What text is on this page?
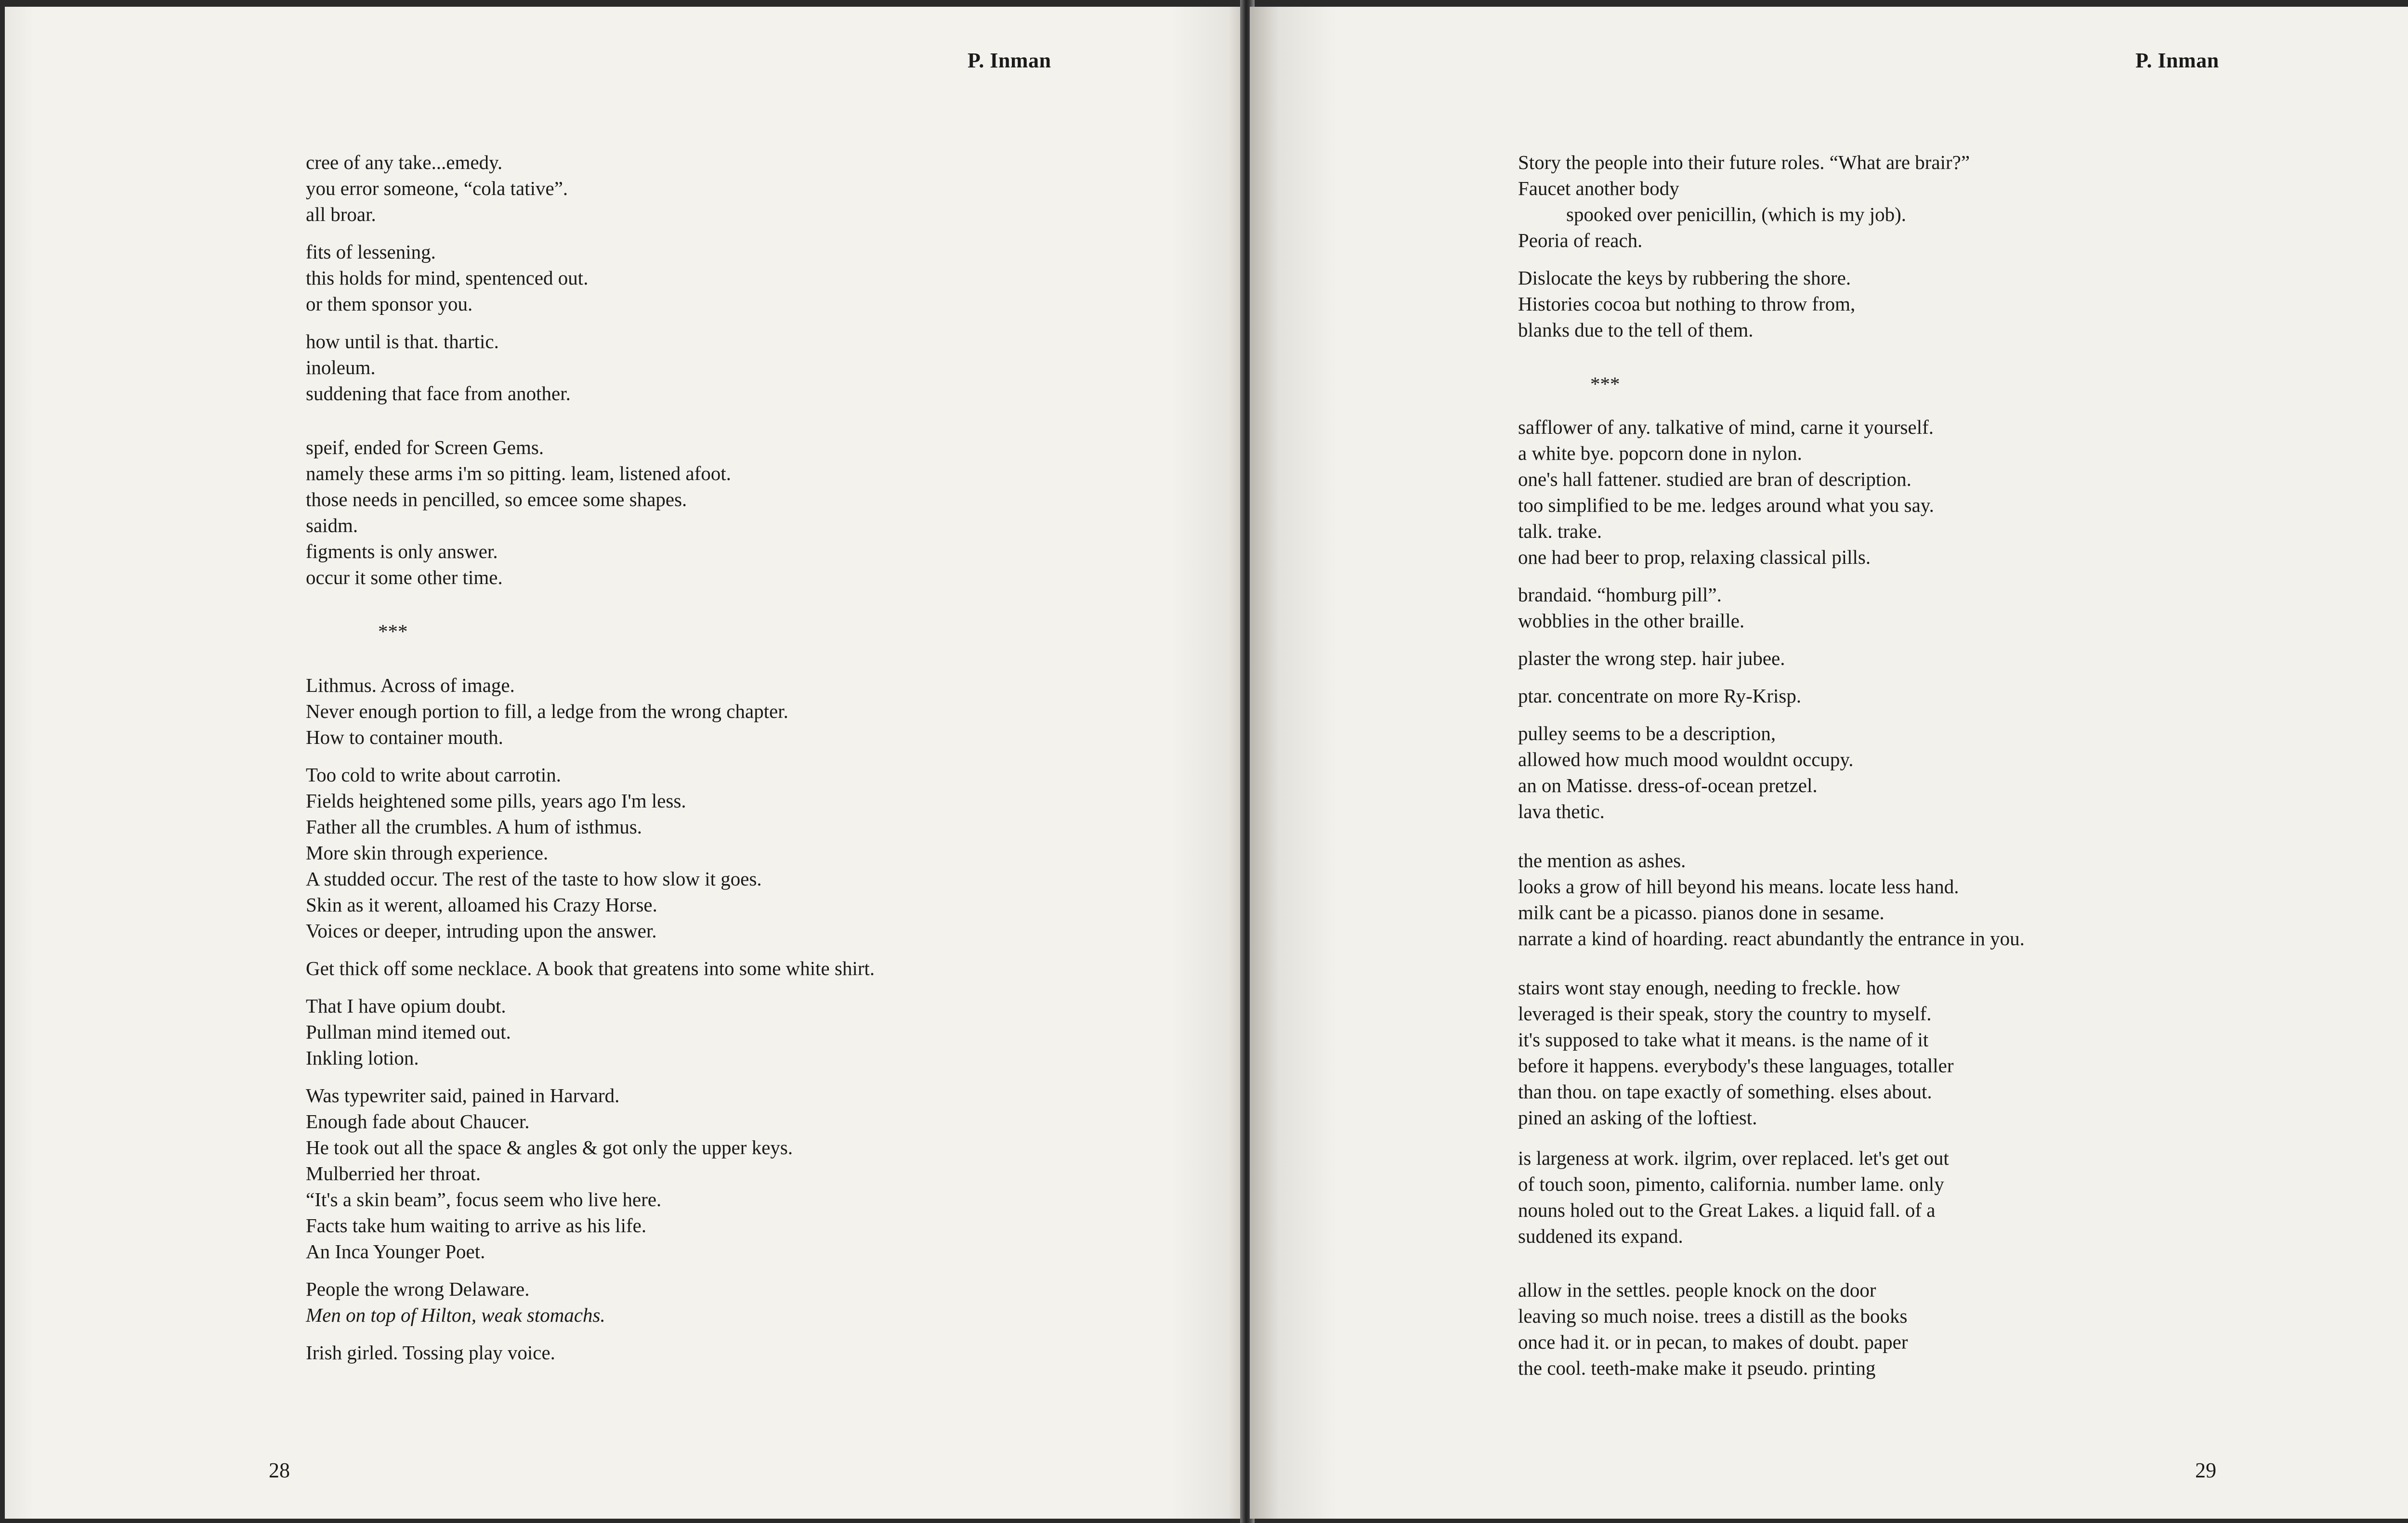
P. Inman
cree of any take...emedy.
you error someone, “cola tative”.
all broar.
fits of lessening.
this holds for mind, spentenced out.
or them sponsor you.
how until is that. thartic.
inoleum.
suddening that face from another.
speif, ended for Screen Gems.
namely these arms i'm so pitting. leam, listened afoot.
those needs in pencilled, so emcee some shapes.
saidm.
figments is only answer.
occur it some other time.
***
Lithmus. Across of image.
Never enough portion to fill, a ledge from the wrong chapter.
How to container mouth.
Too cold to write about carrotin.
Fields heightened some pills, years ago I'm less.
Father all the crumbles. A hum of isthmus.
More skin through experience.
A studded occur. The rest of the taste to how slow it goes.
Skin as it werent, alloamed his Crazy Horse.
Voices or deeper, intruding upon the answer.
Get thick off some necklace. A book that greatens into some white shirt.
That I have opium doubt.
Pullman mind itemed out.
Inkling lotion.
Was typewriter said, pained in Harvard.
Enough fade about Chaucer.
He took out all the space & angles & got only the upper keys.
Mulberried her throat.
“It's a skin beam”, focus seem who live here.
Facts take hum waiting to arrive as his life.
An Inca Younger Poet.
People the wrong Delaware.
Men on top of Hilton, weak stomachs.
Irish girled. Tossing play voice.
28
P. Inman
Story the people into their future roles. “What are brair?”
Faucet another body
spooked over penicillin, (which is my job).
Peoria of reach.
Dislocate the keys by rubbering the shore.
Histories cocoa but nothing to throw from,
blanks due to the tell of them.
***
safflower of any. talkative of mind, carne it yourself.
a white bye. popcorn done in nylon.
one's hall fattener. studied are bran of description.
too simplified to be me. ledges around what you say.
talk. trake.
one had beer to prop, relaxing classical pills.
brandaid. “homburg pill”.
wobblies in the other braille.
plaster the wrong step. hair jubee.
ptar. concentrate on more Ry-Krisp.
pulley seems to be a description,
allowed how much mood wouldnt occupy.
an on Matisse. dress-of-ocean pretzel.
lava thetic.
the mention as ashes.
looks a grow of hill beyond his means. locate less hand.
milk cant be a picasso. pianos done in sesame.
narrate a kind of hoarding. react abundantly the entrance in you.
stairs wont stay enough, needing to freckle. how
leveraged is their speak, story the country to myself.
it's supposed to take what it means. is the name of it
before it happens. everybody's these languages, totaller
than thou. on tape exactly of something. elses about.
pined an asking of the loftiest.
is largeness at work. ilgrim, over replaced. let's get out
of touch soon, pimento, california. number lame. only
nouns holed out to the Great Lakes. a liquid fall. of a
suddened its expand.
allow in the settles. people knock on the door
leaving so much noise. trees a distill as the books
once had it. or in pecan, to makes of doubt. paper
the cool. teeth-make make it pseudo. printing
29
